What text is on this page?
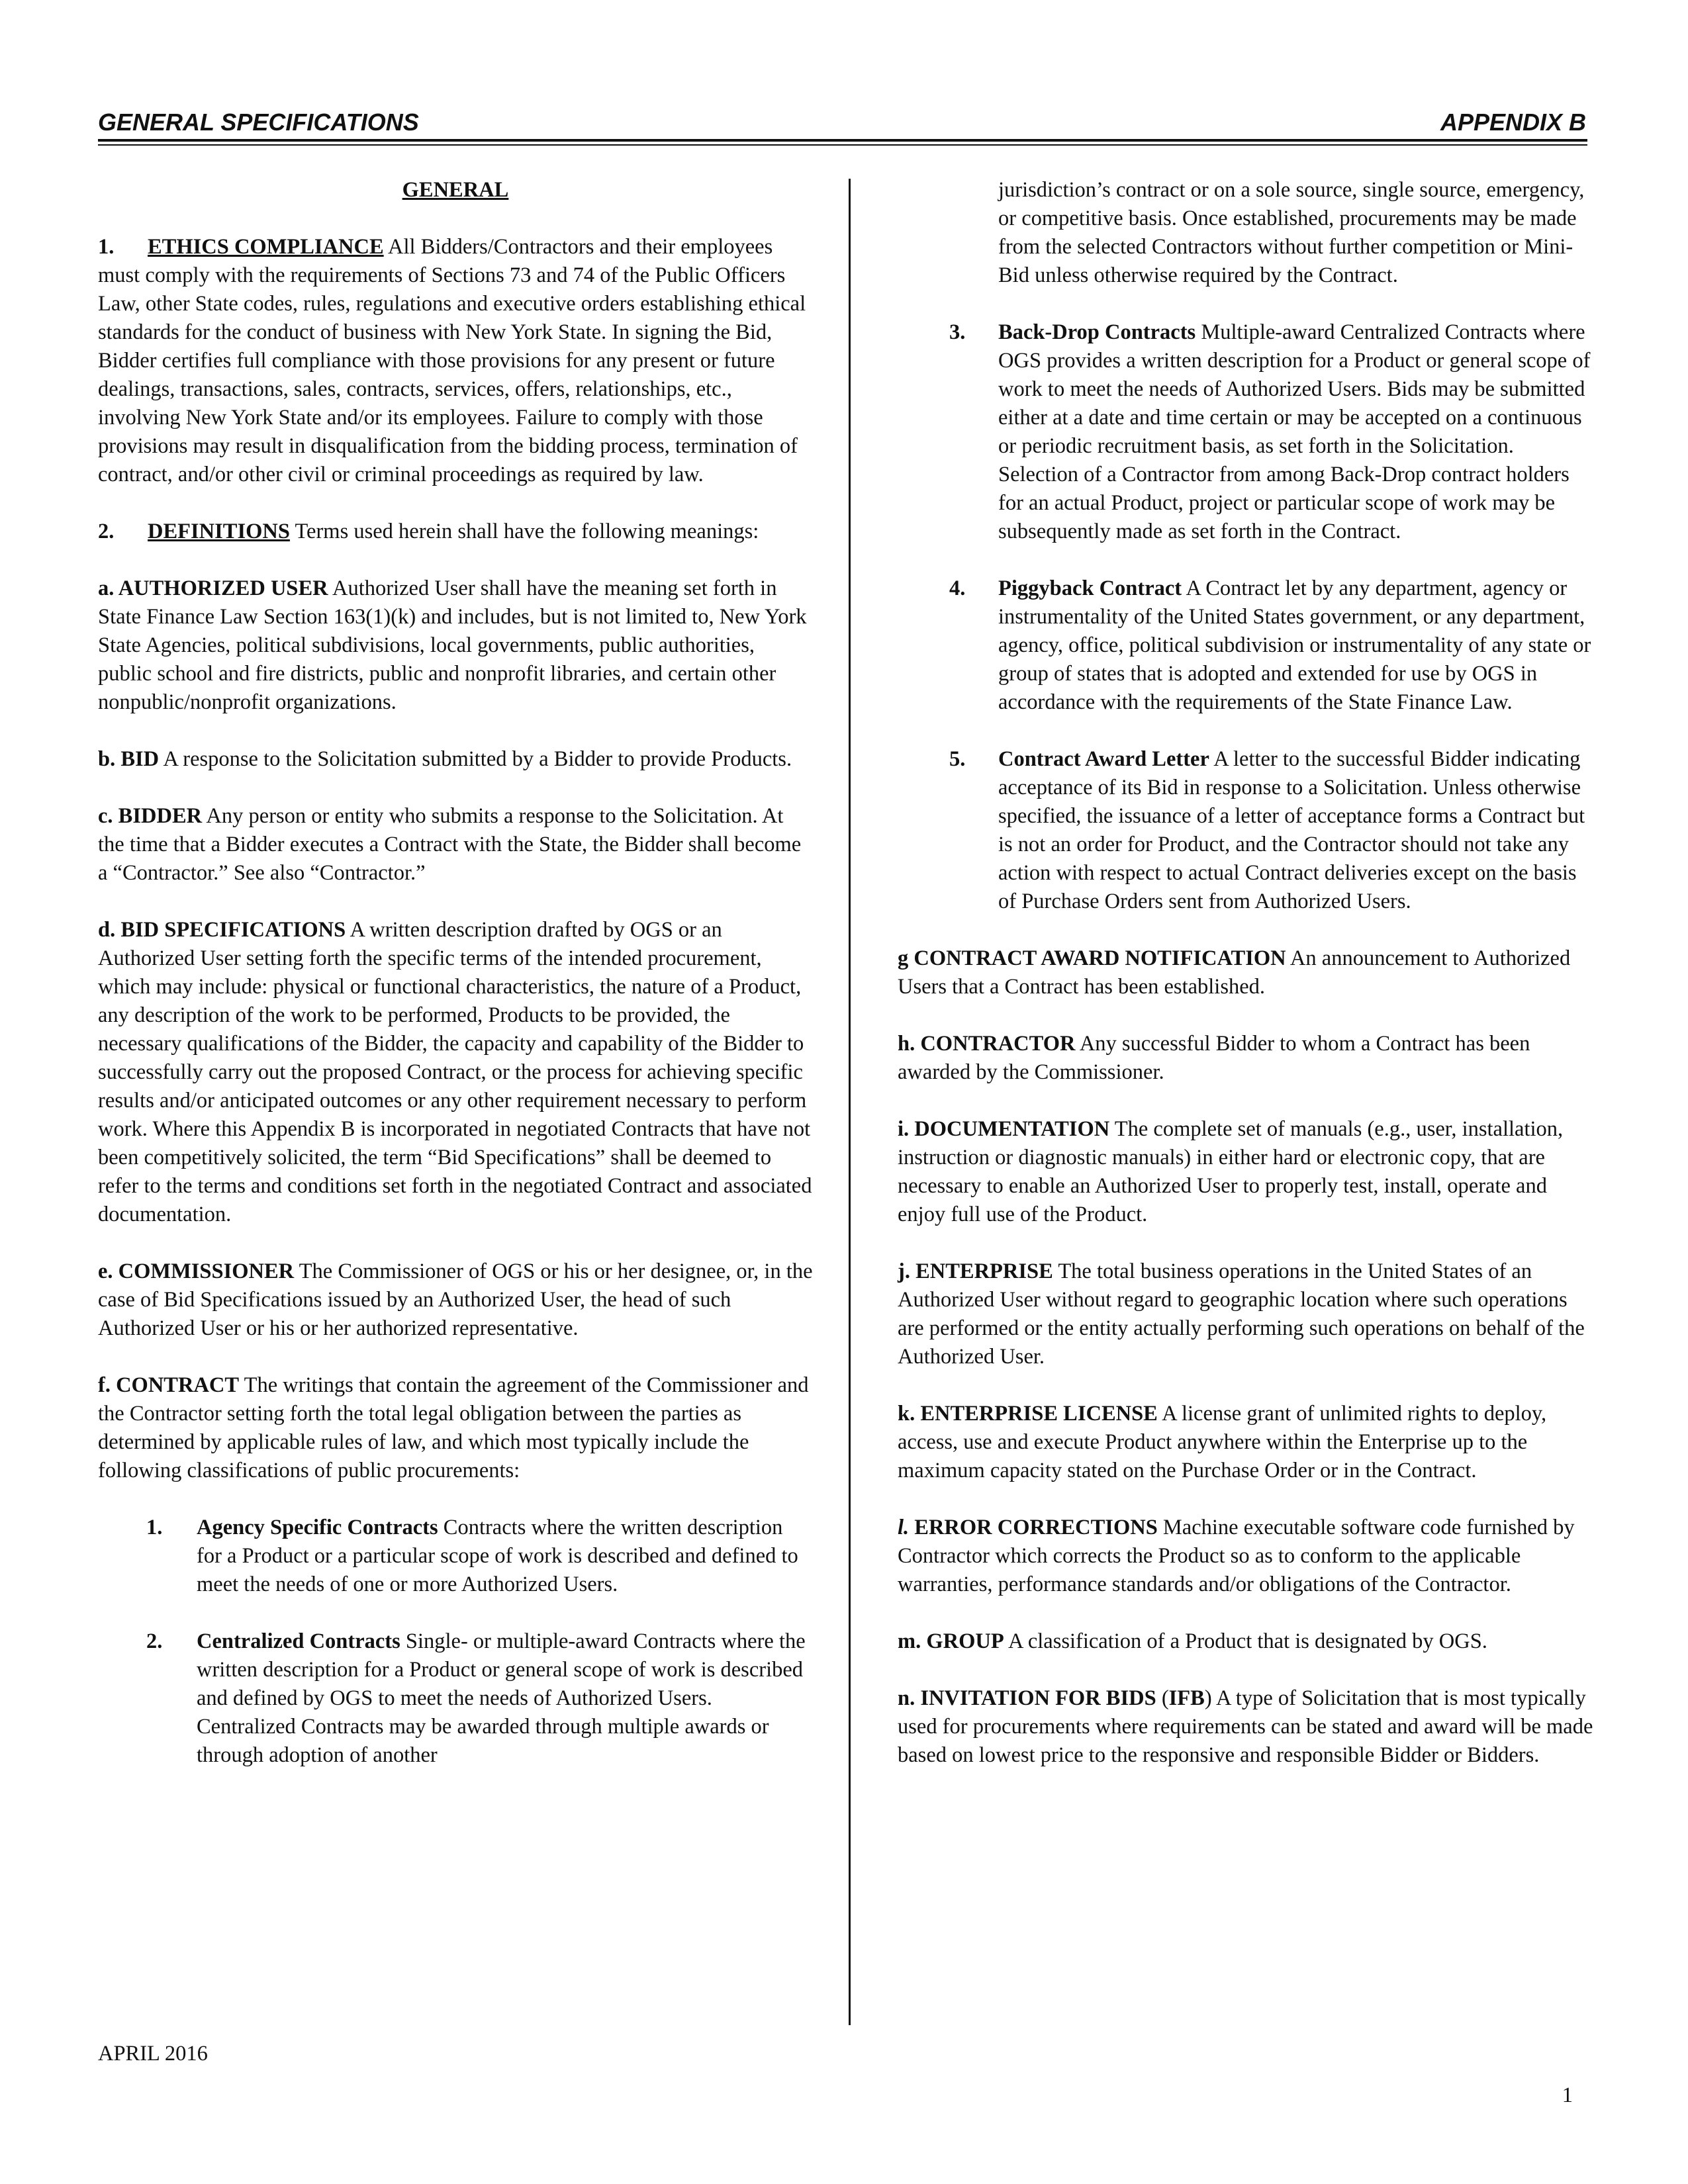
GENERAL SPECIFICATIONS	APPENDIX B

GENERAL

1. ETHICS COMPLIANCE All Bidders/Contractors and their employees must comply with the requirements of Sections 73 and 74 of the Public Officers Law, other State codes, rules, regulations and executive orders establishing ethical standards for the conduct of business with New York State. In signing the Bid, Bidder certifies full compliance with those provisions for any present or future dealings, transactions, sales, contracts, services, offers, relationships, etc., involving New York State and/or its employees. Failure to comply with those provisions may result in disqualification from the bidding process, termination of contract, and/or other civil or criminal proceedings as required by law.

2. DEFINITIONS Terms used herein shall have the following meanings:

a. AUTHORIZED USER Authorized User shall have the meaning set forth in State Finance Law Section 163(1)(k) and includes, but is not limited to, New York State Agencies, political subdivisions, local governments, public authorities, public school and fire districts, public and nonprofit libraries, and certain other nonpublic/nonprofit organizations.

b. BID A response to the Solicitation submitted by a Bidder to provide Products.

c. BIDDER Any person or entity who submits a response to the Solicitation. At the time that a Bidder executes a Contract with the State, the Bidder shall become a “Contractor.” See also “Contractor.”

d. BID SPECIFICATIONS A written description drafted by OGS or an Authorized User setting forth the specific terms of the intended procurement, which may include: physical or functional characteristics, the nature of a Product, any description of the work to be performed, Products to be provided, the necessary qualifications of the Bidder, the capacity and capability of the Bidder to successfully carry out the proposed Contract, or the process for achieving specific results and/or anticipated outcomes or any other requirement necessary to perform work. Where this Appendix B is incorporated in negotiated Contracts that have not been competitively solicited, the term “Bid Specifications” shall be deemed to refer to the terms and conditions set forth in the negotiated Contract and associated documentation.

e. COMMISSIONER The Commissioner of OGS or his or her designee, or, in the case of Bid Specifications issued by an Authorized User, the head of such Authorized User or his or her authorized representative.

f. CONTRACT The writings that contain the agreement of the Commissioner and the Contractor setting forth the total legal obligation between the parties as determined by applicable rules of law, and which most typically include the following classifications of public procurements:

1.	Agency Specific Contracts Contracts where the written description for a Product or a particular scope of work is described and defined to meet the needs of one or more Authorized Users.
2.	Centralized Contracts Single- or multiple-award Contracts where the written description for a Product or general scope of work is described and defined by OGS to meet the needs of Authorized Users. Centralized Contracts may be awarded through multiple awards or through adoption of another

jurisdiction’s contract or on a sole source, single source, emergency, or competitive basis. Once established, procurements may be made from the selected Contractors without further competition or Mini-Bid unless otherwise required by the Contract.

3.	Back-Drop Contracts Multiple-award Centralized Contracts where OGS provides a written description for a Product or general scope of work to meet the needs of Authorized Users. Bids may be submitted either at a date and time certain or may be accepted on a continuous or periodic recruitment basis, as set forth in the Solicitation. Selection of a Contractor from among Back-Drop contract holders for an actual Product, project or particular scope of work may be subsequently made as set forth in the Contract.
4.	Piggyback Contract A Contract let by any department, agency or instrumentality of the United States government, or any department, agency, office, political subdivision or instrumentality of any state or group of states that is adopted and extended for use by OGS in accordance with the requirements of the State Finance Law.
5.	Contract Award Letter A letter to the successful Bidder indicating acceptance of its Bid in response to a Solicitation. Unless otherwise specified, the issuance of a letter of acceptance forms a Contract but is not an order for Product, and the Contractor should not take any action with respect to actual Contract deliveries except on the basis of Purchase Orders sent from Authorized Users.

g CONTRACT AWARD NOTIFICATION An announcement to Authorized Users that a Contract has been established.

h. CONTRACTOR Any successful Bidder to whom a Contract has been awarded by the Commissioner.

i. DOCUMENTATION The complete set of manuals (e.g., user, installation, instruction or diagnostic manuals) in either hard or electronic copy, that are necessary to enable an Authorized User to properly test, install, operate and enjoy full use of the Product.

j. ENTERPRISE The total business operations in the United States of an Authorized User without regard to geographic location where such operations are performed or the entity actually performing such operations on behalf of the Authorized User.

k. ENTERPRISE LICENSE A license grant of unlimited rights to deploy, access, use and execute Product anywhere within the Enterprise up to the maximum capacity stated on the Purchase Order or in the Contract.

l. ERROR CORRECTIONS Machine executable software code furnished by Contractor which corrects the Product so as to conform to the applicable warranties, performance standards and/or obligations of the Contractor.

m. GROUP A classification of a Product that is designated by OGS.

n. INVITATION FOR BIDS (IFB) A type of Solicitation that is most typically used for procurements where requirements can be stated and award will be made based on lowest price to the responsive and responsible Bidder or Bidders.

APRIL 2016
1
